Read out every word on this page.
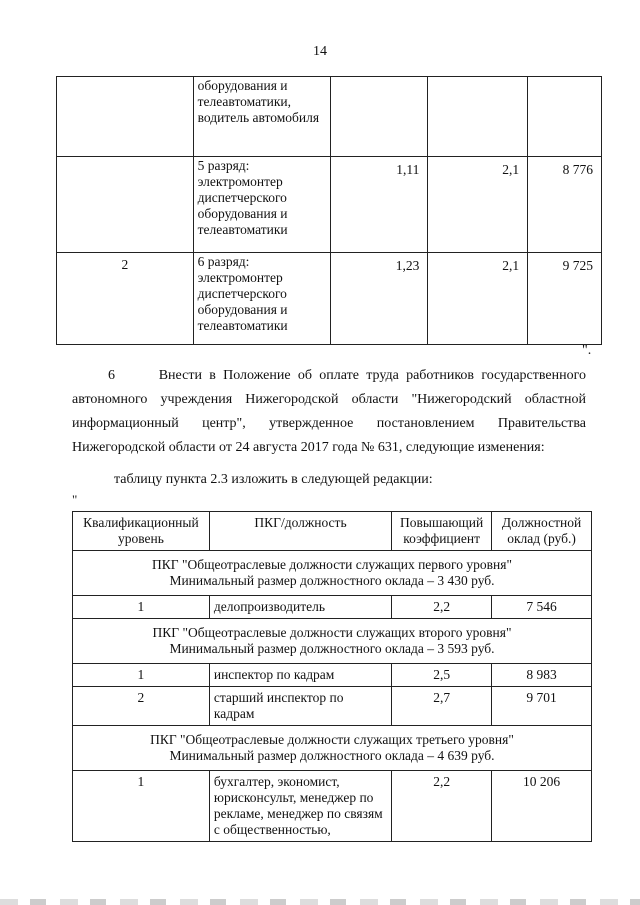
14
	оборудования и телеавтоматики, водитель автомобиля			
	5 разряд: электромонтер диспетчерского оборудования и телеавтоматики	1,11	2,1	8 776
2	6 разряд: электромонтер диспетчерского оборудования и телеавтоматики	1,23	2,1	9 725
".
6	Внести в Положение об оплате труда работников государственного автономного учреждения Нижегородской области "Нижегородский областной информационный центр", утвержденное постановлением Правительства Нижегородской области от 24 августа 2017 года № 631, следующие изменения:
таблицу пункта 2.3 изложить в следующей редакции:
"
Квалификационный уровень	ПКГ/должность	Повышающий коэффициент	Должностной оклад (руб.)

ПКГ "Общеотраслевые должности служащих первого уровня"
Минимальный размер должностного оклада – 3 430 руб.			

1	делопроизводитель	2,2	7 546

ПКГ "Общеотраслевые должности служащих второго уровня"
Минимальный размер должностного оклада – 3 593 руб.			

1	инспектор по кадрам	2,5	8 983
2	старший инспектор по кадрам	2,7	9 701

ПКГ "Общеотраслевые должности служащих третьего уровня"
Минимальный размер должностного оклада – 4 639 руб.			

1	бухгалтер, экономист, юрисконсульт, менеджер по рекламе, менеджер по связям с общественностью,	2,2	10 206
